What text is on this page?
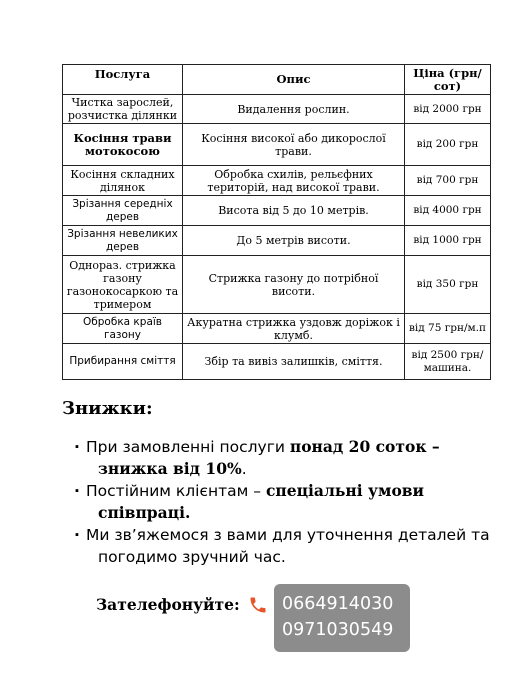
Послуга	Опис	Ціна (грн/ сот)
Чистка зарослей, розчистка ділянки	Видалення рослин.	від 2000 грн
Косіння трави мотокосою	Косіння високої або дикорослої трави.	від 200 грн
Косіння складних ділянок	Обробка схилів, рельєфних територій, над високої трави.	від 700 грн
Зрізання середніх дерев	Висота від 5 до 10 метрів.	від 4000 грн
Зрізання невеликих дерев	До 5 метрів висоти.	від 1000 грн
Однораз. стрижка газону газонокосаркою та тримером	Стрижка газону до потрібної висоти.	від 350 грн
Обробка країв газону	Акуратна стрижка уздовж доріжок і клумб.	від 75 грн/м.п
Прибирання сміття	Збір та вивіз залишків, сміття.	від 2500 грн/ машина.
Знижки:
· При замовленні послуги понад 20 соток –
знижка від 10%.
· Постійним клієнтам – спеціальні умови
співпраці.
· Ми зв’яжемося з вами для уточнення деталей та
погодимо зручний час.

Зателефонуйте: 0664914030
0971030549
